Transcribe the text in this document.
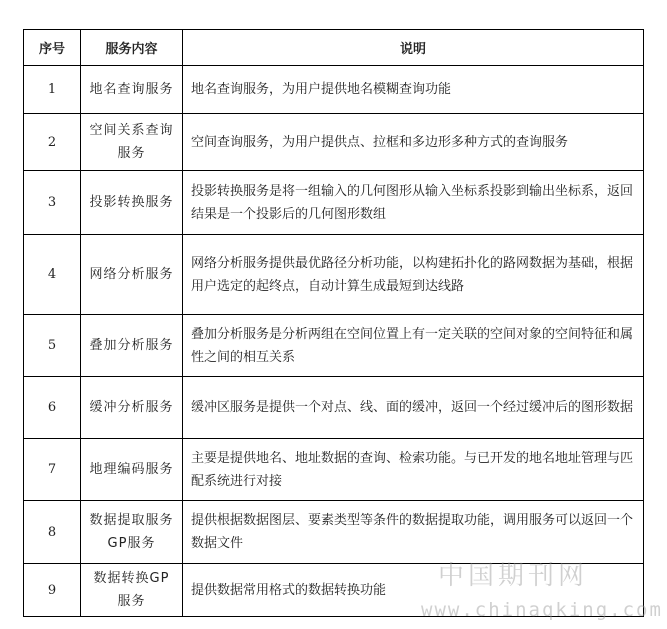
序号	服务内容	说明
1	地名查询服务	地名查询服务，为用户提供地名模糊查询功能
2	空间关系查询服务	空间查询服务，为用户提供点、拉框和多边形多种方式的查询服务
3	投影转换服务	投影转换服务是将一组输入的几何图形从输入坐标系投影到输出坐标系，返回结果是一个投影后的几何图形数组
4	网络分析服务	网络分析服务提供最优路径分析功能，以构建拓扑化的路网数据为基础，根据用户选定的起终点，自动计算生成最短到达线路
5	叠加分析服务	叠加分析服务是分析两组在空间位置上有一定关联的空间对象的空间特征和属性之间的相互关系
6	缓冲分析服务	缓冲区服务是提供一个对点、线、面的缓冲，返回一个经过缓冲后的图形数据
7	地理编码服务	主要是提供地名、地址数据的查询、检索功能。与已开发的地名地址管理与匹配系统进行对接
8	数据提取服务GP服务	提供根据数据图层、要素类型等条件的数据提取功能，调用服务可以返回一个数据文件
9	数据转换GP服务	提供数据常用格式的数据转换功能 中国期刊网
www.chinaqking.com
